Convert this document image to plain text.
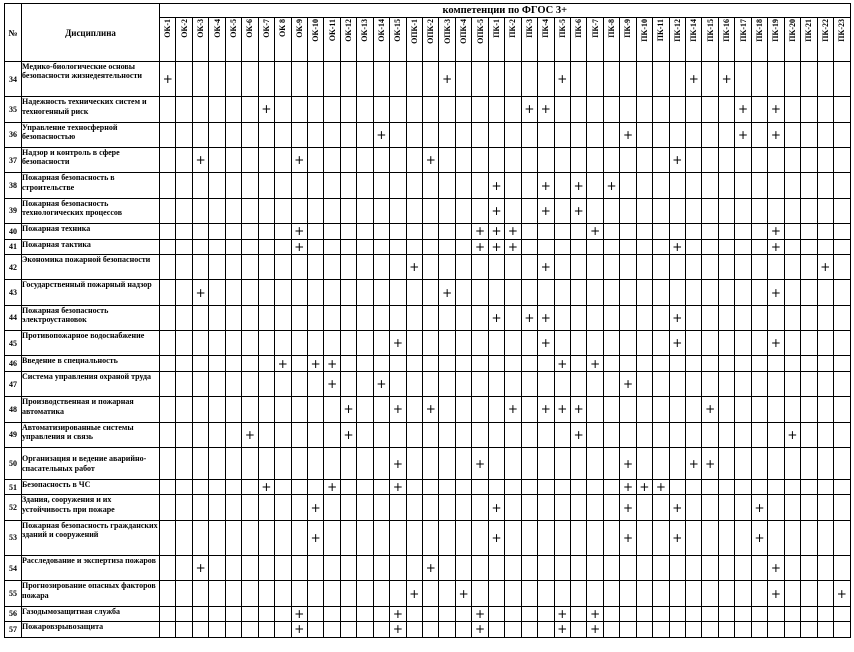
№	Дисциплина	компетенции по ФГОС 3+																																									
		ОК-1	ОК-2	ОК-3	ОК-4	ОК-5	ОК-6	ОК-7	ОК 8	ОК-9	ОК-10	ОК-11	ОК-12	ОК-13	ОК-14	ОК-15	ОПК-1	ОПК-2	ОПК-3	ОПК-4	ОПК-5	ПК-1	ПК-2	ПК-3	ПК-4	ПК-5	ПК-6	ПК-7	ПК-8	ПК-9	ПК-10	ПК-11	ПК-12	ПК-14	ПК-15	ПК-16	ПК-17	ПК-18	ПК-19	ПК-20	ПК-21	ПК-22	ПК-23
34	Медико-биологические основы безопасности жизнедеятельности	+																	+							+								+		+							
35	Надежность технических систем и техногенный риск							+																+	+												+		+				
36	Управление техносферной безопасностью														+															+							+		+				
37	Надзор и контроль в сфере безопасности			+						+								+															+										
38	Пожарная безопасность в строительстве																					+			+		+		+														
39	Пожарная безопасность технологических процессов																					+			+		+																
40	Пожарная техника									+											+	+	+					+											+				
41	Пожарная тактика									+											+	+	+										+						+				
42	Экономика пожарной безопасности																+								+																	+	
43	Государственный пожарный надзор			+															+																				+				
44	Пожарная безопасность электроустановок																					+		+	+								+										
45	Противопожарное водоснабжение															+									+								+						+				
46	Введение в специальность								+		+	+														+		+															
47	Система управления охраной труда											+			+															+													
48	Производственная и пожарная автоматика												+			+		+					+		+	+	+								+								
49	Автоматизированные системы управления и связь						+						+														+													+			
50	Организация и ведение аварийно-спасательных работ															+					+									+				+	+								
51	Безопасность в ЧС							+				+				+														+	+	+											
52	Здания, сооружения и их устойчивость при пожаре										+											+								+			+					+					
53	Пожарная безопасность гражданских зданий и сооружений										+											+								+			+					+					
54	Расследование и экспертиза пожаров			+														+																					+				
55	Прогнозирование опасных факторов пожара																+			+																			+				+
56	Газодымозащитная служба									+						+					+					+		+															
57	Пожаровзрывозащита									+						+					+					+		+															
